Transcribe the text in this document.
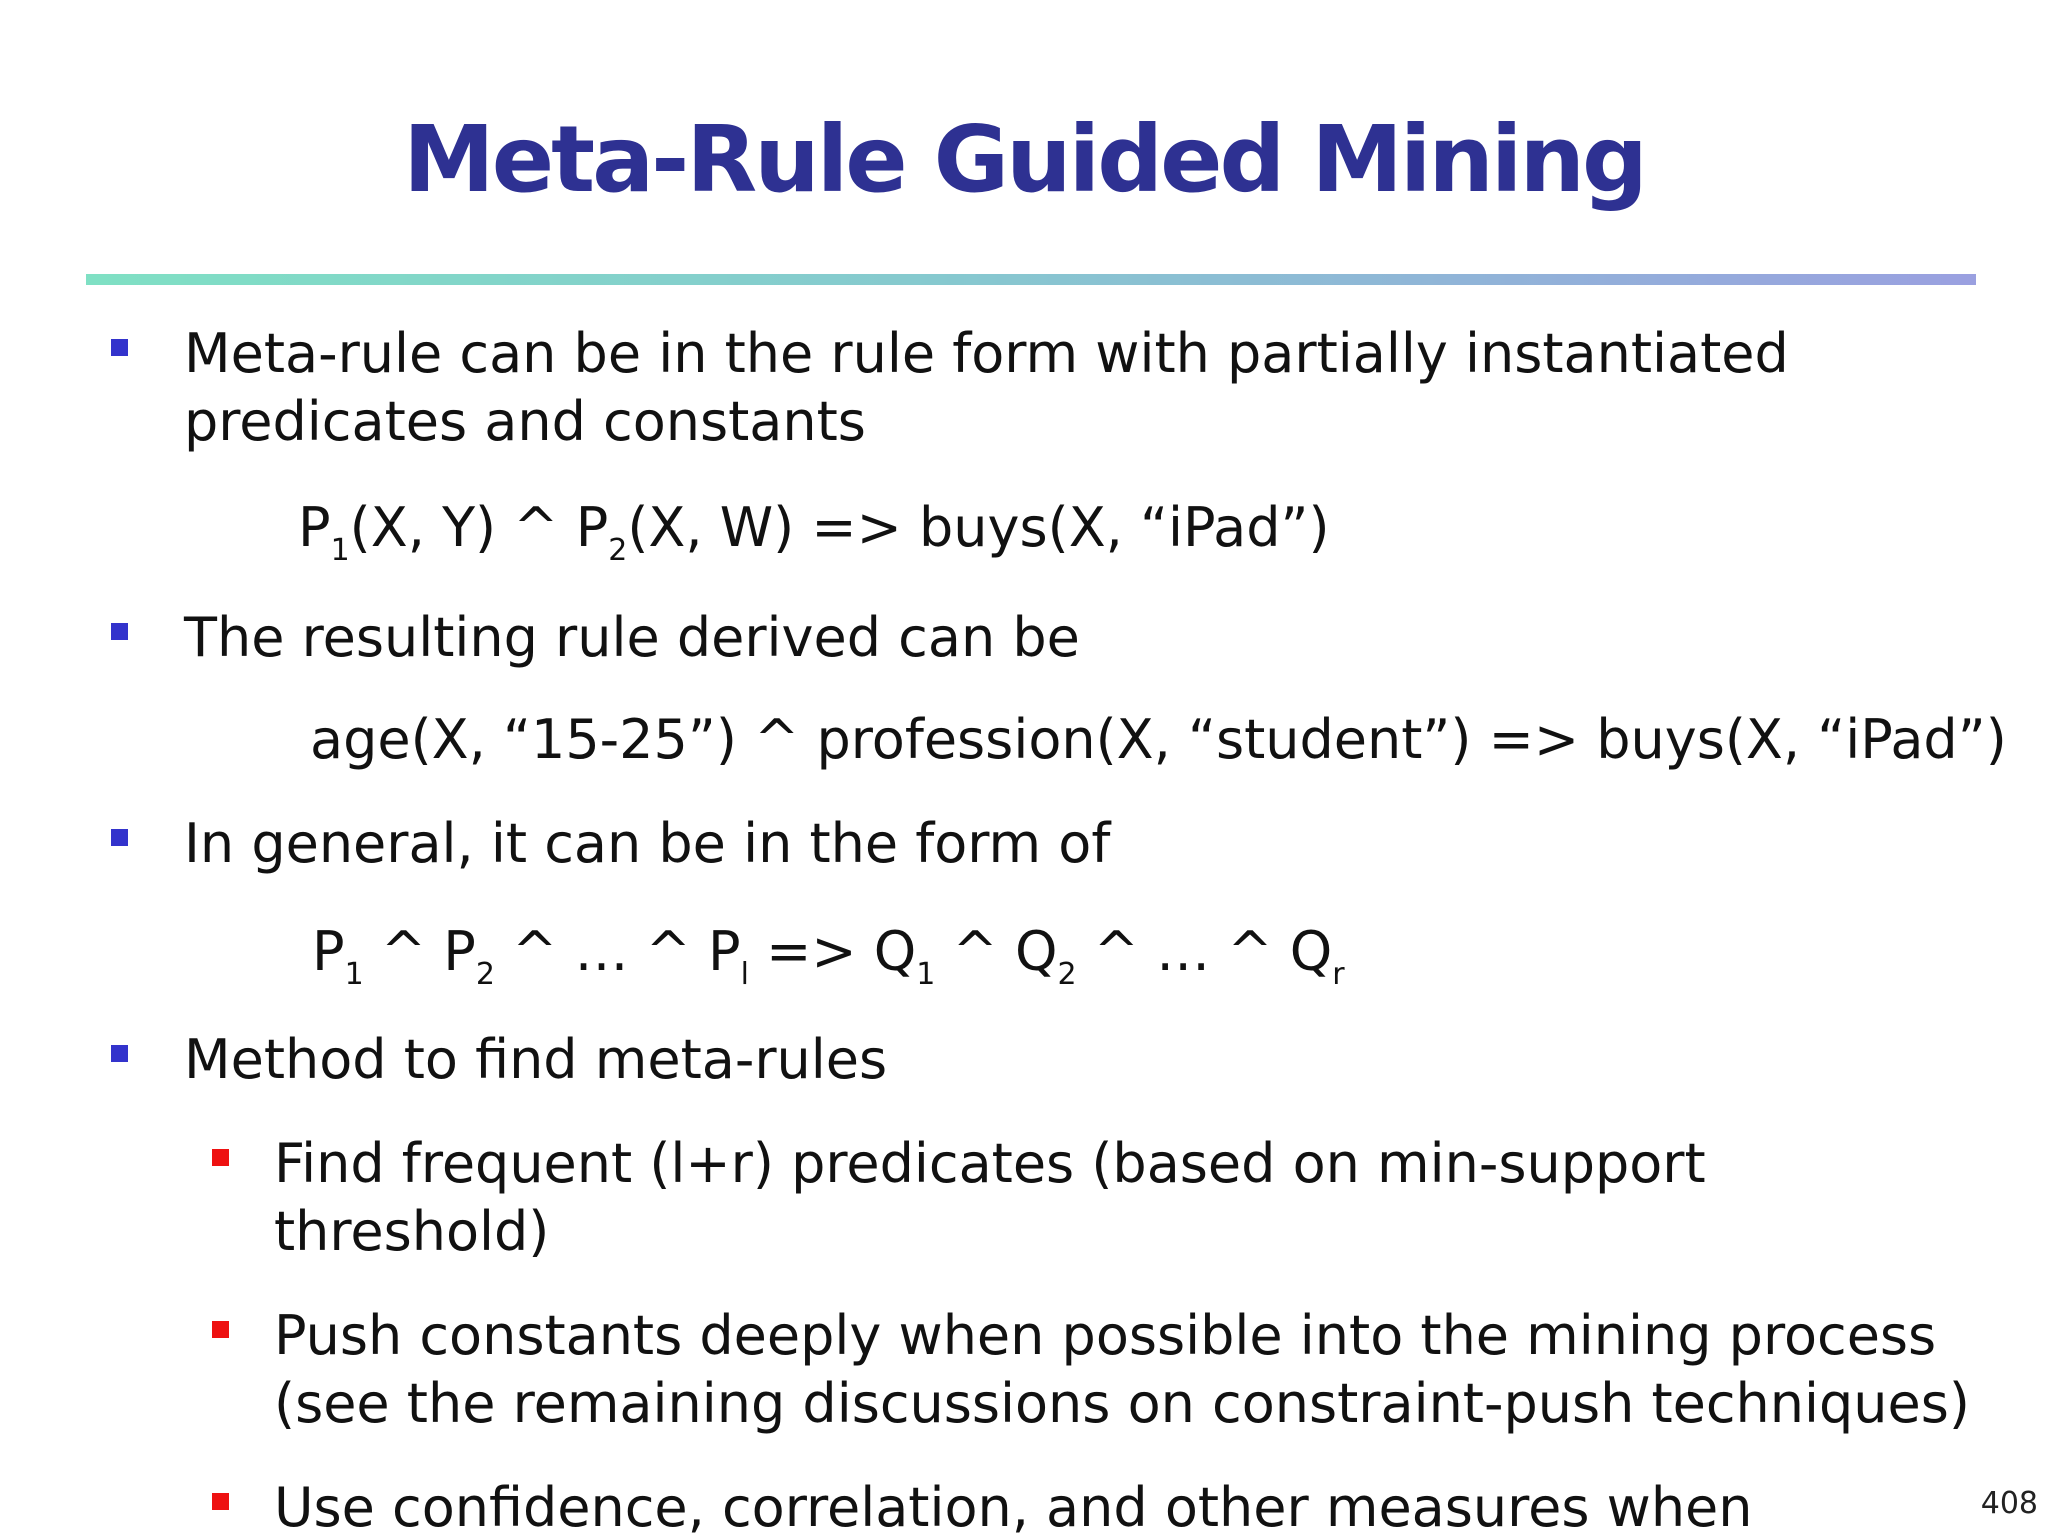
Meta-Rule Guided Mining
Meta-rule can be in the rule form with partially instantiated predicates and constants
$P_1(X$, Y) ^ $P_2(X$, W) => buys(X, “iPad”)
The resulting rule derived can be
age(X, “15-25”) ^ profession(X, “student”) => buys(X, “iPad”)
In general, it can be in the form of
$P_1$ ^ $P_2$ ^ … ^ $P_l => Q_1$ ^ $Q_2$ ^ … ^ $Q_r$
Method to find meta-rules
Find frequent (l+r) predicates (based on min-support threshold)
Push constants deeply when possible into the mining process (see the remaining discussions on constraint-push techniques)
Use confidence, correlation, and other measures when	408
